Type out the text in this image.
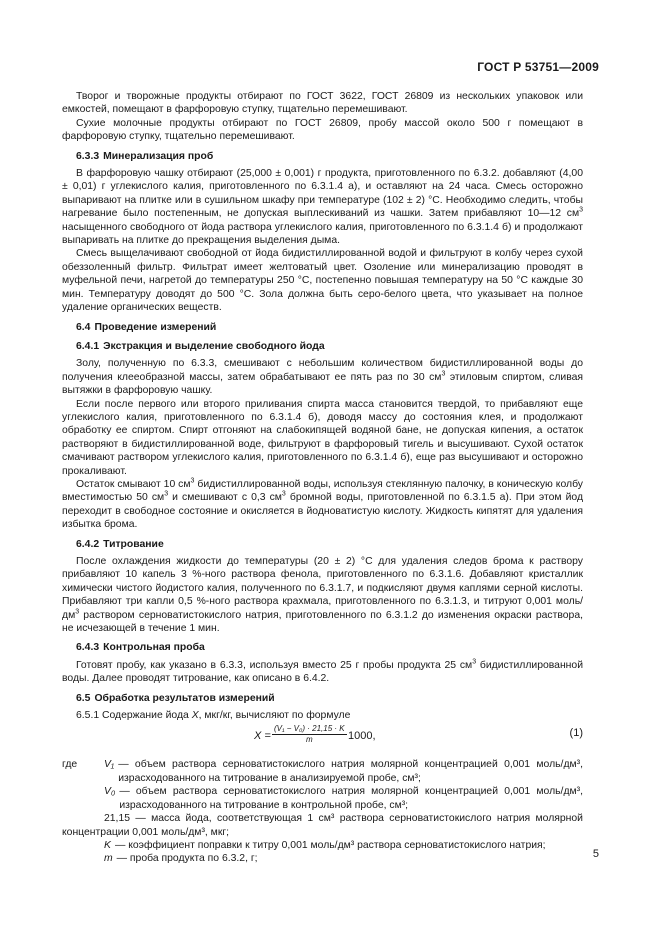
ГОСТ Р 53751—2009

Творог и творожные продукты отбирают по ГОСТ 3622, ГОСТ 26809 из нескольких упаковок или емкостей, помещают в фарфоровую ступку, тщательно перемешивают.

Сухие молочные продукты отбирают по ГОСТ 26809, пробу массой около 500 г помещают в фарфоровую ступку, тщательно перемешивают.

6.3.3 Минерализация проб

В фарфоровую чашку отбирают (25,000 ± 0,001) г продукта, приготовленного по 6.3.2. добавляют (4,00 ± 0,01) г углекислого калия, приготовленного по 6.3.1.4 а), и оставляют на 24 часа. Смесь осторожно выпаривают на плитке или в сушильном шкафу при температуре (102 ± 2) °С. Необходимо следить, чтобы нагревание было постепенным, не допуская выплескиваний из чашки. Затем прибавляют 10—12 $см^3$ насыщенного свободного от йода раствора углекислого калия, приготовленного по 6.3.1.4 б) и продолжают выпаривать на плитке до прекращения выделения дыма.

Смесь выщелачивают свободной от йода бидистиллированной водой и фильтруют в колбу через сухой обеззоленный фильтр. Фильтрат имеет желтоватый цвет. Озоление или минерализацию проводят в муфельной печи, нагретой до температуры 250 °С, постепенно повышая температуру на 50 °С каждые 30 мин. Температуру доводят до 500 °С. Зола должна быть серо-белого цвета, что указывает на полное удаление органических веществ.

6.4 Проведение измерений
6.4.1 Экстракция и выделение свободного йода

Золу, полученную по 6.3.3, смешивают с небольшим количеством бидистиллированной воды до получения клееобразной массы, затем обрабатывают ее пять раз по 30 $см^3$ этиловым спиртом, сливая вытяжки в фарфоровую чашку.

Если после первого или второго приливания спирта масса становится твердой, то прибавляют еще углекислого калия, приготовленного по 6.3.1.4 б), доводя массу до состояния клея, и продолжают обработку ее спиртом. Спирт отгоняют на слабокипящей водяной бане, не допуская кипения, а остаток растворяют в бидистиллированной воде, фильтруют в фарфоровый тигель и высушивают. Сухой остаток смачивают раствором углекислого калия, приготовленного по 6.3.1.4 б), еще раз высушивают и осторожно прокаливают.

Остаток смывают 10 $см^3$ бидистиллированной воды, используя стеклянную палочку, в коническую колбу вместимостью 50 $см^3$ и смешивают с 0,3 $см^3$ бромной воды, приготовленной по 6.3.1.5 а). При этом йод переходит в свободное состояние и окисляется в йодноватистую кислоту. Жидкость кипятят для удаления избытка брома.

6.4.2 Титрование

После охлаждения жидкости до температуры (20 ± 2) °С для удаления следов брома к раствору прибавляют 10 капель 3 %-ного раствора фенола, приготовленного по 6.3.1.6. Добавляют кристаллик химически чистого йодистого калия, полученного по 6.3.1.7, и подкисляют двумя каплями серной кислоты. Прибавляют три капли 0,5 %-ного раствора крахмала, приготовленного по 6.3.1.3, и титруют 0,001 моль/$дм^3$ раствором серноватистокислого натрия, приготовленного по 6.3.1.2 до изменения окраски раствора, не исчезающей в течение 1 мин.

6.4.3 Контрольная проба

Готовят пробу, как указано в 6.3.3, используя вместо 25 г пробы продукта 25 $см^3$ бидистиллированной воды. Далее проводят титрование, как описано в 6.4.2.

6.5 Обработка результатов измерений

6.5.1 Содержание йода X, мкг/кг, вычисляют по формуле

$X = \frac{\text{(V₁ − V₀) · 21,15 · K}}{m} 1000$,	(1)
где	V₁ — объем раствора серноватистокислого натрия молярной концентрацией 0,001 моль/дм³, израсходованного на титрование в анализируемой пробе, см³;
V₀ — объем раствора серноватистокислого натрия молярной концентрацией 0,001 моль/дм³, израсходованного на титрование в контрольной пробе, см³;

21,15 — масса йода, соответствующая 1 см³ раствора серноватистокислого натрия молярной концентрации 0,001 моль/дм³, мкг;

K — коэффициент поправки к титру 0,001 моль/дм³ раствора серноватистокислого натрия;
m — проба продукта по 6.3.2, г;	5
